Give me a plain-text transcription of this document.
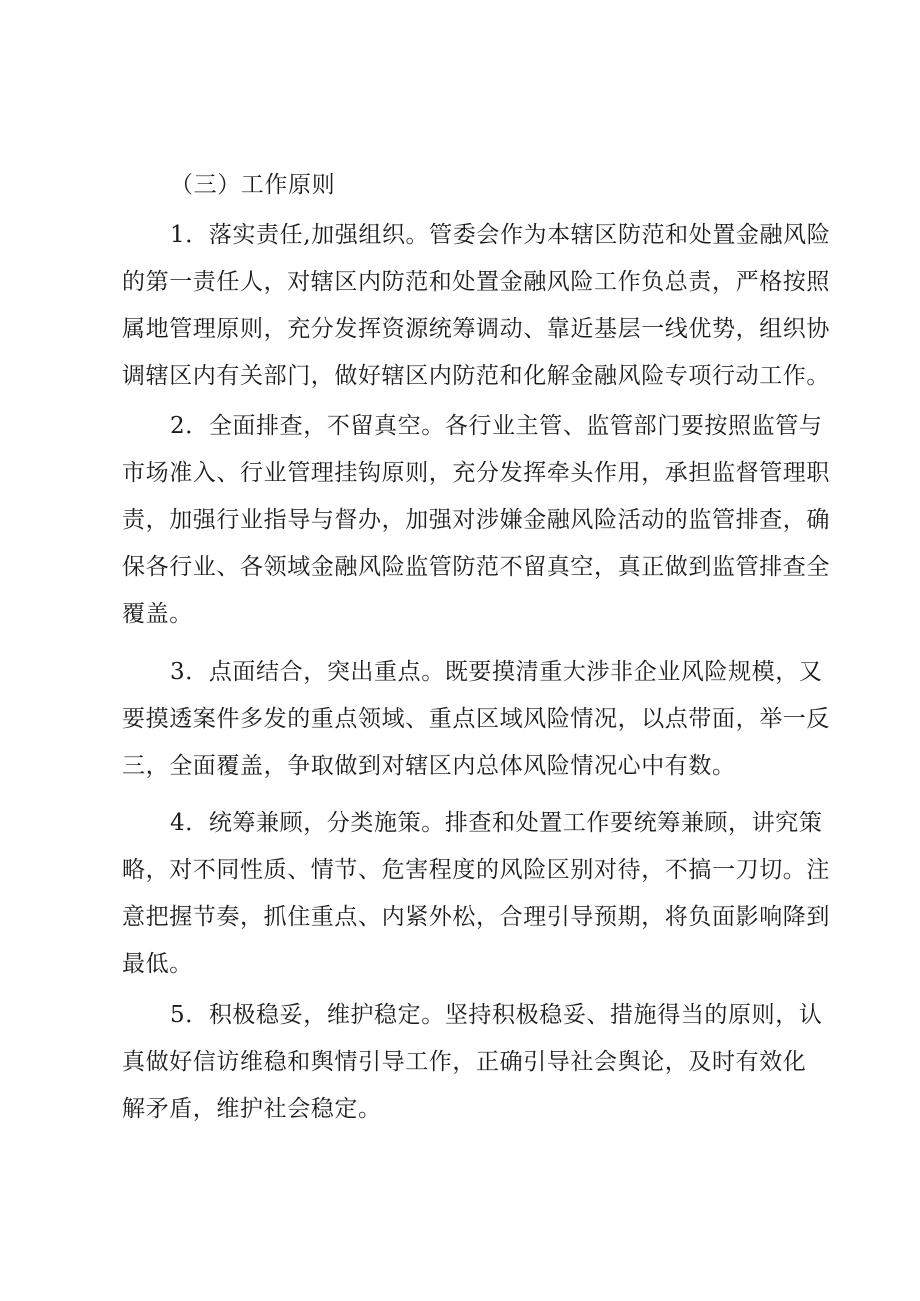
（三）工作原则
1．落实责任,加强组织。管委会作为本辖区防范和处置金融风险
的第一责任人，对辖区内防范和处置金融风险工作负总责，严格按照
属地管理原则，充分发挥资源统筹调动、靠近基层一线优势，组织协
调辖区内有关部门，做好辖区内防范和化解金融风险专项行动工作。
2．全面排查，不留真空。各行业主管、监管部门要按照监管与
市场准入、行业管理挂钩原则，充分发挥牵头作用，承担监督管理职
责，加强行业指导与督办，加强对涉嫌金融风险活动的监管排查，确
保各行业、各领域金融风险监管防范不留真空，真正做到监管排查全
覆盖。
3．点面结合，突出重点。既要摸清重大涉非企业风险规模，又
要摸透案件多发的重点领域、重点区域风险情况，以点带面，举一反
三，全面覆盖，争取做到对辖区内总体风险情况心中有数。
4．统筹兼顾，分类施策。排查和处置工作要统筹兼顾，讲究策
略，对不同性质、情节、危害程度的风险区别对待，不搞一刀切。注
意把握节奏，抓住重点、内紧外松，合理引导预期，将负面影响降到
最低。
5．积极稳妥，维护稳定。坚持积极稳妥、措施得当的原则，认
真做好信访维稳和舆情引导工作，正确引导社会舆论，及时有效化
解矛盾，维护社会稳定。
